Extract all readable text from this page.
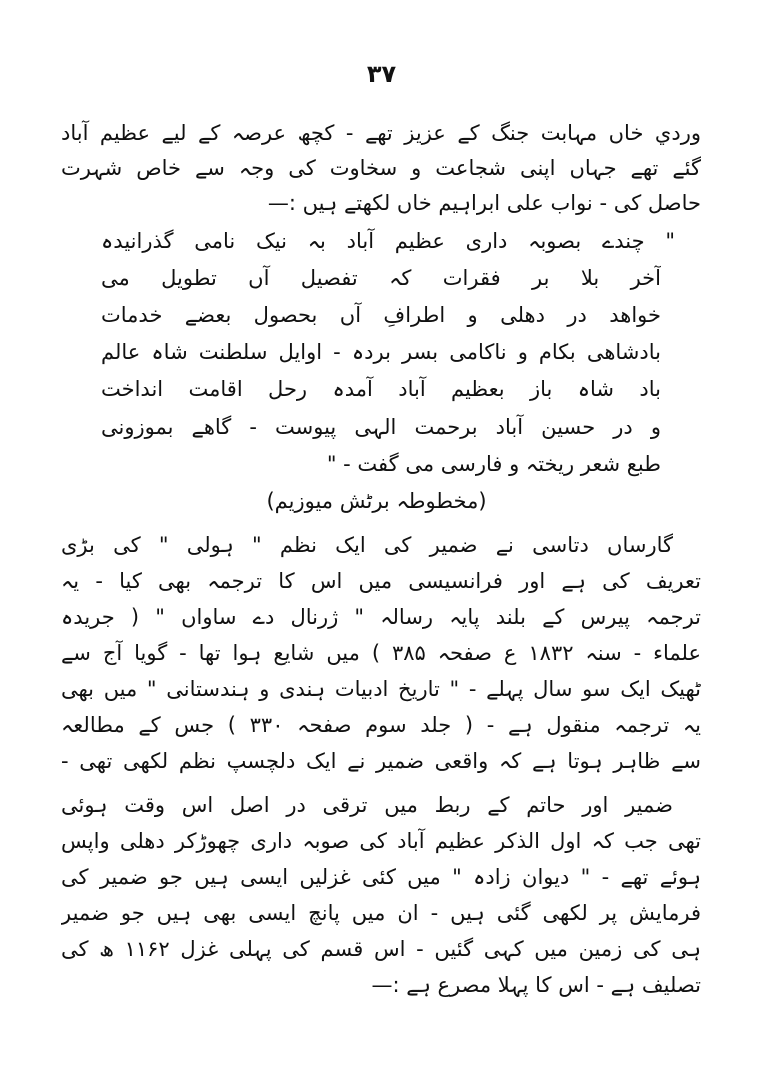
٣٧
وردي خاں مہابت جنگ کے عزیز تھے - کچھ عرصہ کے لیے عظیم آباد
گئے تھے جہاں اپنی شجاعت و سخاوت کی وجہ سے خاص شہرت
حاصل کی - نواب علی ابراہیم خاں لکھتے ہیں :—
" چندے بصوبہ داری عظیم آباد بہ نیک نامی گذرانیدہ
آخر بلا بر فقرات کہ تفصیل آں تطویل می
خواهد در دھلی و اطرافِ آں بحصول بعضے خدمات
بادشاهی بکام و ناکامی بسر بردہ - اوایل سلطنت شاہ عالم
باد شاہ باز بعظیم آباد آمدہ رحل اقامت انداخت
و در حسین آباد برحمت الہی پیوست - گاهے بموزونی
طبع شعر ریختہ و فارسی می گفت - "
(مخطوطہ برٹش میوزیم)
گارساں دتاسی نے ضمیر کی ایک نظم " ہولی " کی بڑی
تعریف کی ہے اور فرانسیسی میں اس کا ترجمہ بھی کیا - یہ
ترجمہ پیرس کے بلند پایہ رسالہ " ژرنال دے ساواں " ( جریدہ
علماء - سنہ ۱۸۳۲ ع صفحہ ۳۸۵ ) میں شایع ہوا تھا - گویا آج سے
ٹھیک ایک سو سال پہلے - " تاریخ ادبیات ہندی و ہندستانی " میں بھی
یہ ترجمہ منقول ہے - ( جلد سوم صفحہ ۳۳۰ ) جس کے مطالعہ
سے ظاہر ہوتا ہے کہ واقعی ضمیر نے ایک دلچسپ نظم لکھی تھی -
ضمیر اور حاتم کے ربط میں ترقی در اصل اس وقت ہوئی
تھی جب کہ اول الذکر عظیم آباد کی صوبہ داری چھوڑکر دھلی واپس
ہوئے تھے - " دیوان زادہ " میں کئی غزلیں ایسی ہیں جو ضمیر کی
فرمایش پر لکھی گئی ہیں - ان میں پانچ ایسی بھی ہیں جو ضمیر
ہی کی زمین میں کہی گئیں - اس قسم کی پہلی غزل ۱۱۶۲ ھ کی
تصلیف ہے - اس کا پہلا مصرع ہے :—
